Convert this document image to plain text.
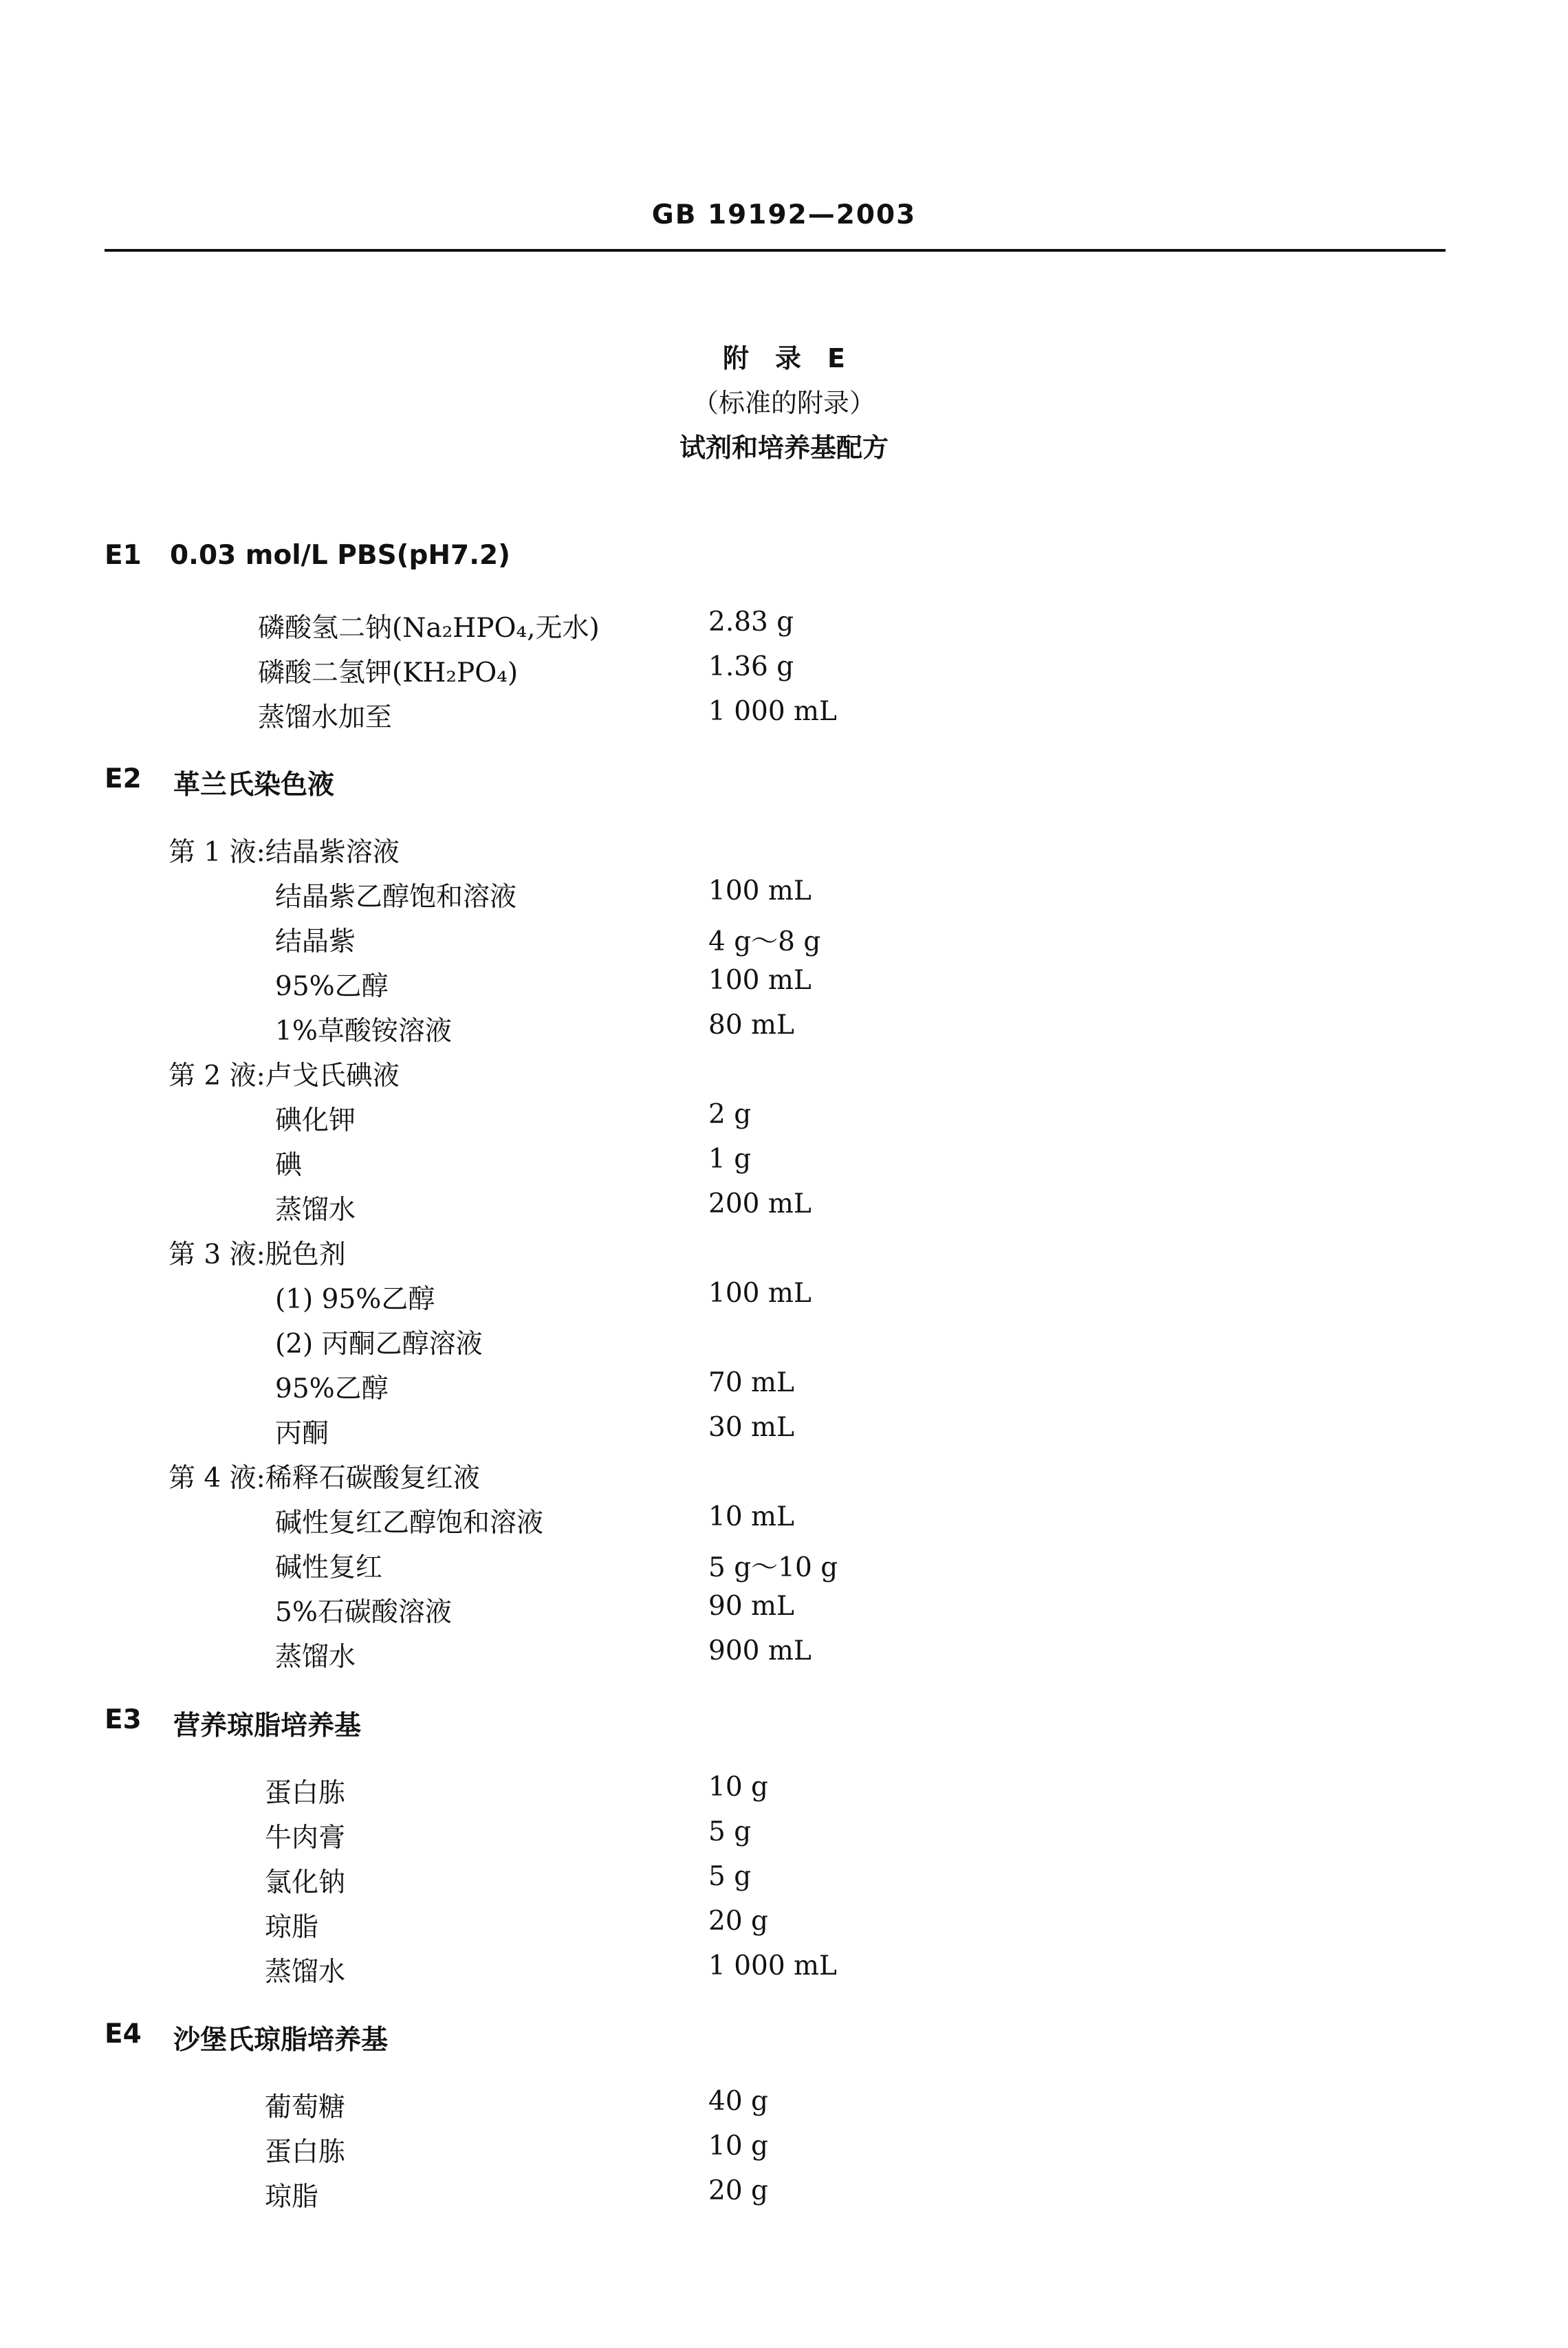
GB 19192—2003
附　录　E
（标准的附录）
试剂和培养基配方
E1 0.03 mol/L PBS(pH7.2)
磷酸氢二钠(Na₂HPO₄,无水)	2.83 g
磷酸二氢钾(KH₂PO₄)	1.36 g
蒸馏水加至	1 000 mL
E2 革兰氏染色液
第 1 液:结晶紫溶液
结晶紫乙醇饱和溶液	100 mL
结晶紫	4 g～8 g
95%乙醇	100 mL
1%草酸铵溶液	80 mL
第 2 液:卢戈氏碘液
碘化钾	2 g
碘	1 g
蒸馏水	200 mL
第 3 液:脱色剂
(1) 95%乙醇	100 mL
(2) 丙酮乙醇溶液
95%乙醇	70 mL
丙酮	30 mL
第 4 液:稀释石碳酸复红液
碱性复红乙醇饱和溶液	10 mL
碱性复红	5 g～10 g
5%石碳酸溶液	90 mL
蒸馏水	900 mL
E3 营养琼脂培养基
蛋白胨	10 g
牛肉膏	5 g
氯化钠	5 g
琼脂	20 g
蒸馏水	1 000 mL
E4 沙堡氏琼脂培养基
葡萄糖	40 g
蛋白胨	10 g
琼脂	20 g
